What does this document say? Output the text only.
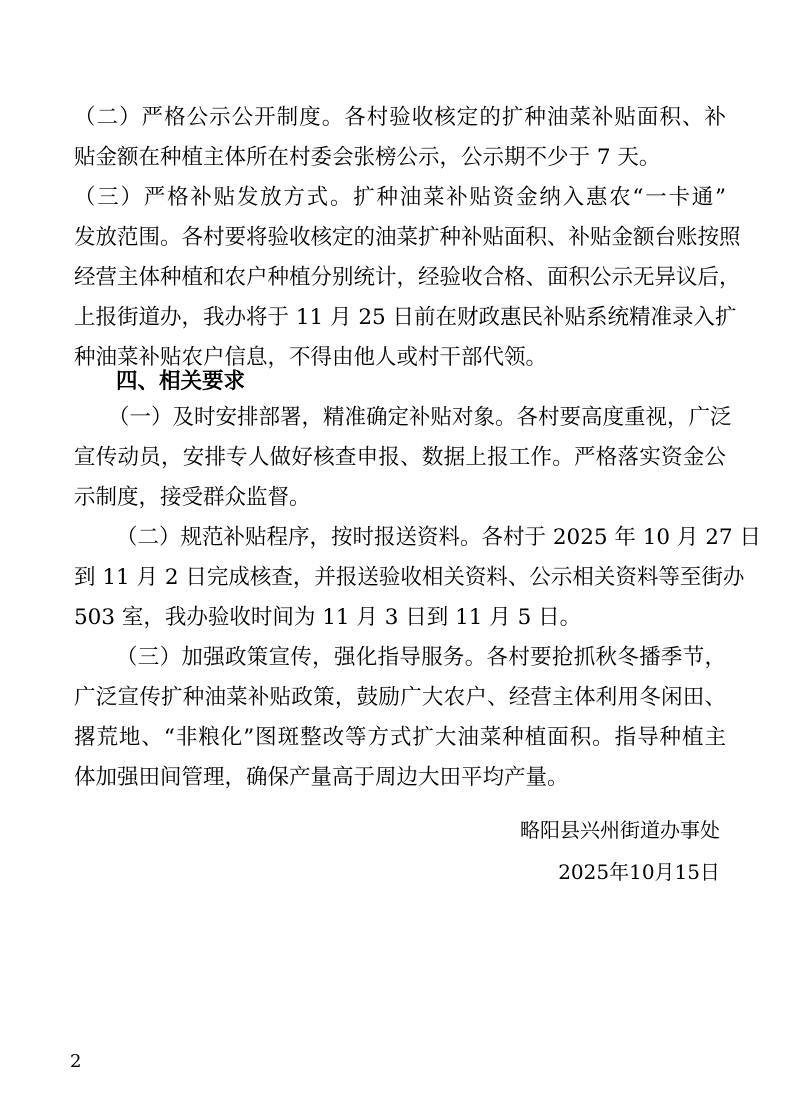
（二）严格公示公开制度。各村验收核定的扩种油菜补贴面积、补
贴金额在种植主体所在村委会张榜公示，公示期不少于 7 天。
（三）严格补贴发放方式。扩种油菜补贴资金纳入惠农“一卡通”
发放范围。各村要将验收核定的油菜扩种补贴面积、补贴金额台账按照
经营主体种植和农户种植分别统计，经验收合格、面积公示无异议后，
上报街道办，我办将于 11 月 25 日前在财政惠民补贴系统精准录入扩
种油菜补贴农户信息，不得由他人或村干部代领。
四、相关要求
（一）及时安排部署，精准确定补贴对象。各村要高度重视，广泛
宣传动员，安排专人做好核查申报、数据上报工作。严格落实资金公
示制度，接受群众监督。
（二）规范补贴程序，按时报送资料。各村于 2025 年 10 月 27 日
到 11 月 2 日完成核查，并报送验收相关资料、公示相关资料等至街办
503 室，我办验收时间为 11 月 3 日到 11 月 5 日。
（三）加强政策宣传，强化指导服务。各村要抢抓秋冬播季节，
广泛宣传扩种油菜补贴政策，鼓励广大农户、经营主体利用冬闲田、
撂荒地、“非粮化”图斑整改等方式扩大油菜种植面积。指导种植主
体加强田间管理，确保产量高于周边大田平均产量。
略阳县兴州街道办事处
2025年10月15日
2
